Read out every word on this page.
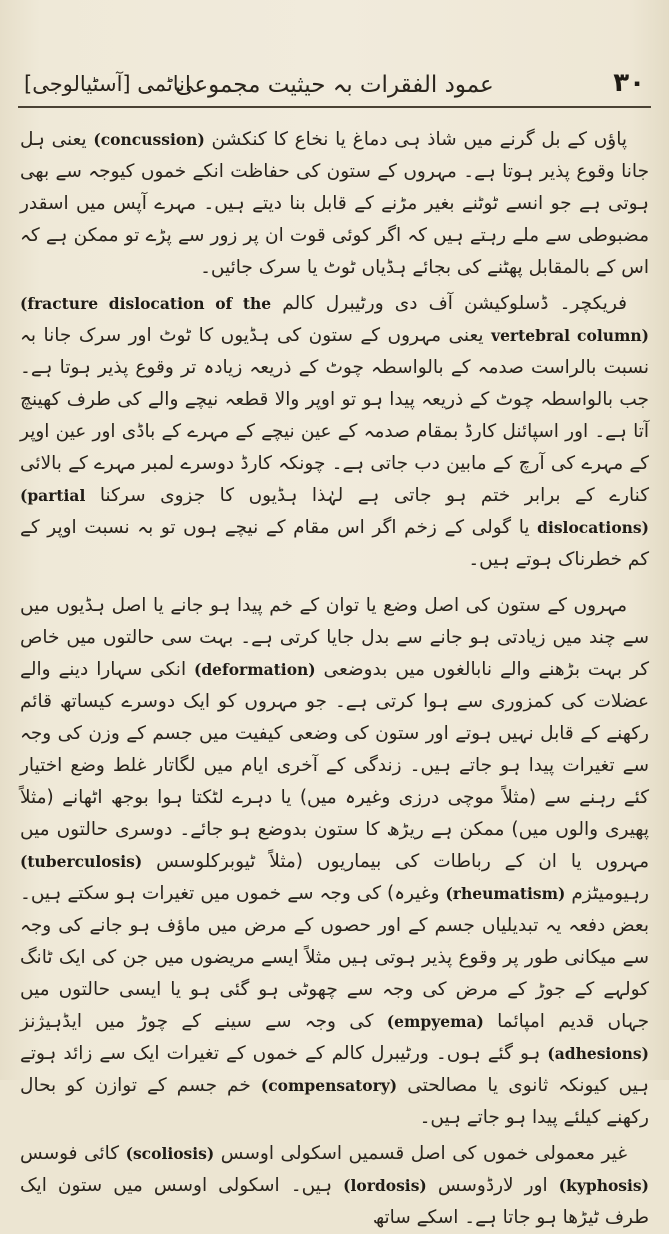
۳۰
عمود الفقرات بہ حیثیت مجموعی
اناٹمی [آسٹیالوجی]

پاؤں کے بل گرنے میں شاذ ہی دماغ یا نخاع کا کنکشن (concussion) یعنی ہل جانا وقوع پذیر ہوتا ہے۔ مہروں کے ستون کی حفاظت انکے خموں کیوجہ سے بھی ہوتی ہے جو انسے ٹوٹنے بغیر مڑنے کے قابل بنا دیتے ہیں۔ مہرے آپس میں اسقدر مضبوطی سے ملے رہتے ہیں کہ اگر کوئی قوت ان پر زور سے پڑے تو ممکن ہے کہ اس کے بالمقابل پھٹنے کی بجائے ہڈیاں ٹوٹ یا سرک جائیں۔

فریکچر۔ ڈسلوکیشن آف دی ورٹیبرل کالم (fracture dislocation of the vertebral column) یعنی مہروں کے ستون کی ہڈیوں کا ٹوٹ اور سرک جانا بہ نسبت بالراست صدمہ کے بالواسطہ چوٹ کے ذریعہ زیادہ تر وقوع پذیر ہوتا ہے۔ جب بالواسطہ چوٹ کے ذریعہ پیدا ہو تو اوپر والا قطعہ نیچے والے کی طرف کھینچ آتا ہے۔ اور اسپائنل کارڈ بمقام صدمہ کے عین نیچے کے مہرے کے باڈی اور عین اوپر کے مہرے کی آرچ کے مابین دب جاتی ہے۔ چونکہ کارڈ دوسرے لمبر مہرے کے بالائی کنارے کے برابر ختم ہو جاتی ہے لہٰذا ہڈیوں کا جزوی سرکنا (partial dislocations) یا گولی کے زخم اگر اس مقام کے نیچے ہوں تو بہ نسبت اوپر کے کم خطرناک ہوتے ہیں۔

مہروں کے ستون کی اصل وضع یا توان کے خم پیدا ہو جانے یا اصل ہڈیوں میں سے چند میں زیادتی ہو جانے سے بدل جایا کرتی ہے۔ بہت سی حالتوں میں خاص کر بہت بڑھنے والے نابالغوں میں بدوضعی (deformation) انکی سہارا دینے والے عضلات کی کمزوری سے ہوا کرتی ہے۔ جو مہروں کو ایک دوسرے کیساتھ قائم رکھنے کے قابل نہیں ہوتے اور ستون کی وضعی کیفیت میں جسم کے وزن کی وجہ سے تغیرات پیدا ہو جاتے ہیں۔ زندگی کے آخری ایام میں لگاتار غلط وضع اختیار کئے رہنے سے (مثلاً موچی درزی وغیرہ میں) یا دہرے لٹکتا ہوا بوجھ اٹھانے (مثلاً پھیری والوں میں) ممکن ہے ریڑھ کا ستون بدوضع ہو جائے۔ دوسری حالتوں میں مہروں یا ان کے رباطات کی بیماریوں (مثلاً ٹیوبرکلوسس (tuberculosis) رہیومیٹزم (rheumatism) وغیرہ) کی وجہ سے خموں میں تغیرات ہو سکتے ہیں۔ بعض دفعہ یہ تبدیلیاں جسم کے اور حصوں کے مرض میں ماؤف ہو جانے کی وجہ سے میکانی طور پر وقوع پذیر ہوتی ہیں مثلاً ایسے مریضوں میں جن کی ایک ٹانگ کولہے کے جوڑ کے مرض کی وجہ سے چھوٹی ہو گئی ہو یا ایسی حالتوں میں جہاں قدیم امپائما (empyema) کی وجہ سے سینے کے چوڑ میں ایڈہیژنز (adhesions) ہو گئے ہوں۔ ورٹیبرل کالم کے خموں کے تغیرات ایک سے زائد ہوتے ہیں کیونکہ ثانوی یا مصالحتی (compensatory) خم جسم کے توازن کو بحال رکھنے کیلئے پیدا ہو جاتے ہیں۔

غیر معمولی خموں کی اصل قسمیں اسکولی اوسس (scoliosis) کائی فوسس (kyphosis) اور لارڈوسس (lordosis) ہیں۔ اسکولی اوسس میں ستون ایک طرف ٹیڑھا ہو جاتا ہے۔ اسکے ساتھ
